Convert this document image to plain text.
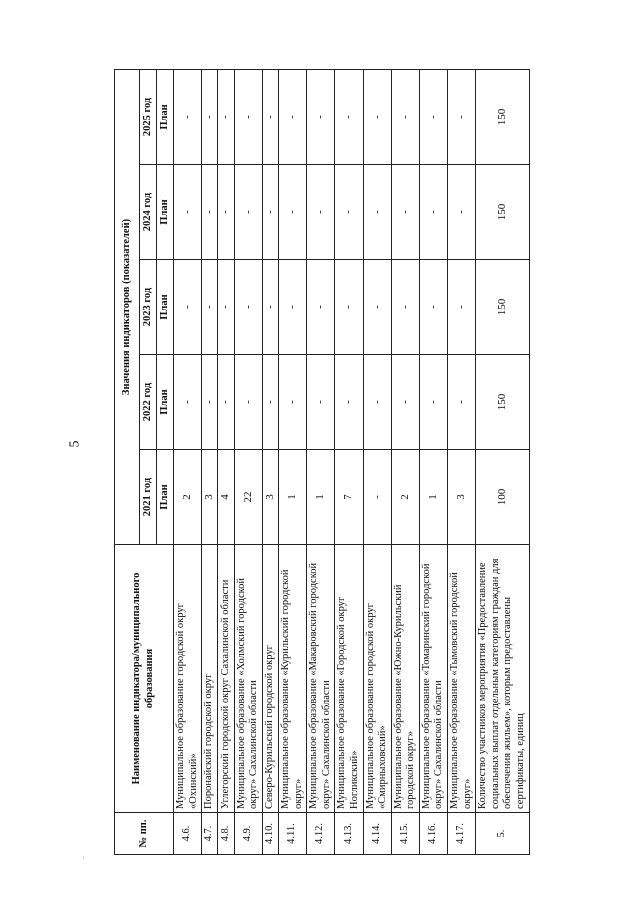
5
-
№ пп.	Наименование индикатора/муниципального образования	Значения индикаторов (показателей)				
		2021 год	2022 год	2023 год	2024 год	2025 год
		План	План	План	План	План
4.6.	Муниципальное образование городской округ «Охинский»	2	-	-	-	-
4.7.	Поронайский городской округ	3	-	-	-	-
4.8.	Углегорский городской округ Сахалинской области	4	-	-	-	-
4.9.	Муниципальное образование «Холмский городской округ» Сахалинской области	22	-	-	-	-
4.10.	Северо-Курильский городской округ	3	-	-	-	-
4.11.	Муниципальное образование «Курильский городской округ»	1	-	-	-	-
4.12.	Муниципальное образование «Макаровский городской округ» Сахалинской области	1	-	-	-	-
4.13.	Муниципальное образование «Городской округ Ногликский»	7	-	-	-	-
4.14.	Муниципальное образование городской округ «Смирныховский»	-	-	-	-	-
4.15.	Муниципальное образование «Южно-Курильский городской округ»	2	-	-	-	-
4.16.	Муниципальное образование «Томаринский городской округ» Сахалинской области	1	-	-	-	-
4.17.	Муниципальное образование «Тымовский городской округ»	3	-	-	-	-
5.	Количество участников мероприятия «Предоставление социальных выплат отдельным категориям граждан для обеспечения жильем», которым предоставлены сертификаты, единиц	100	150	150	150	150
